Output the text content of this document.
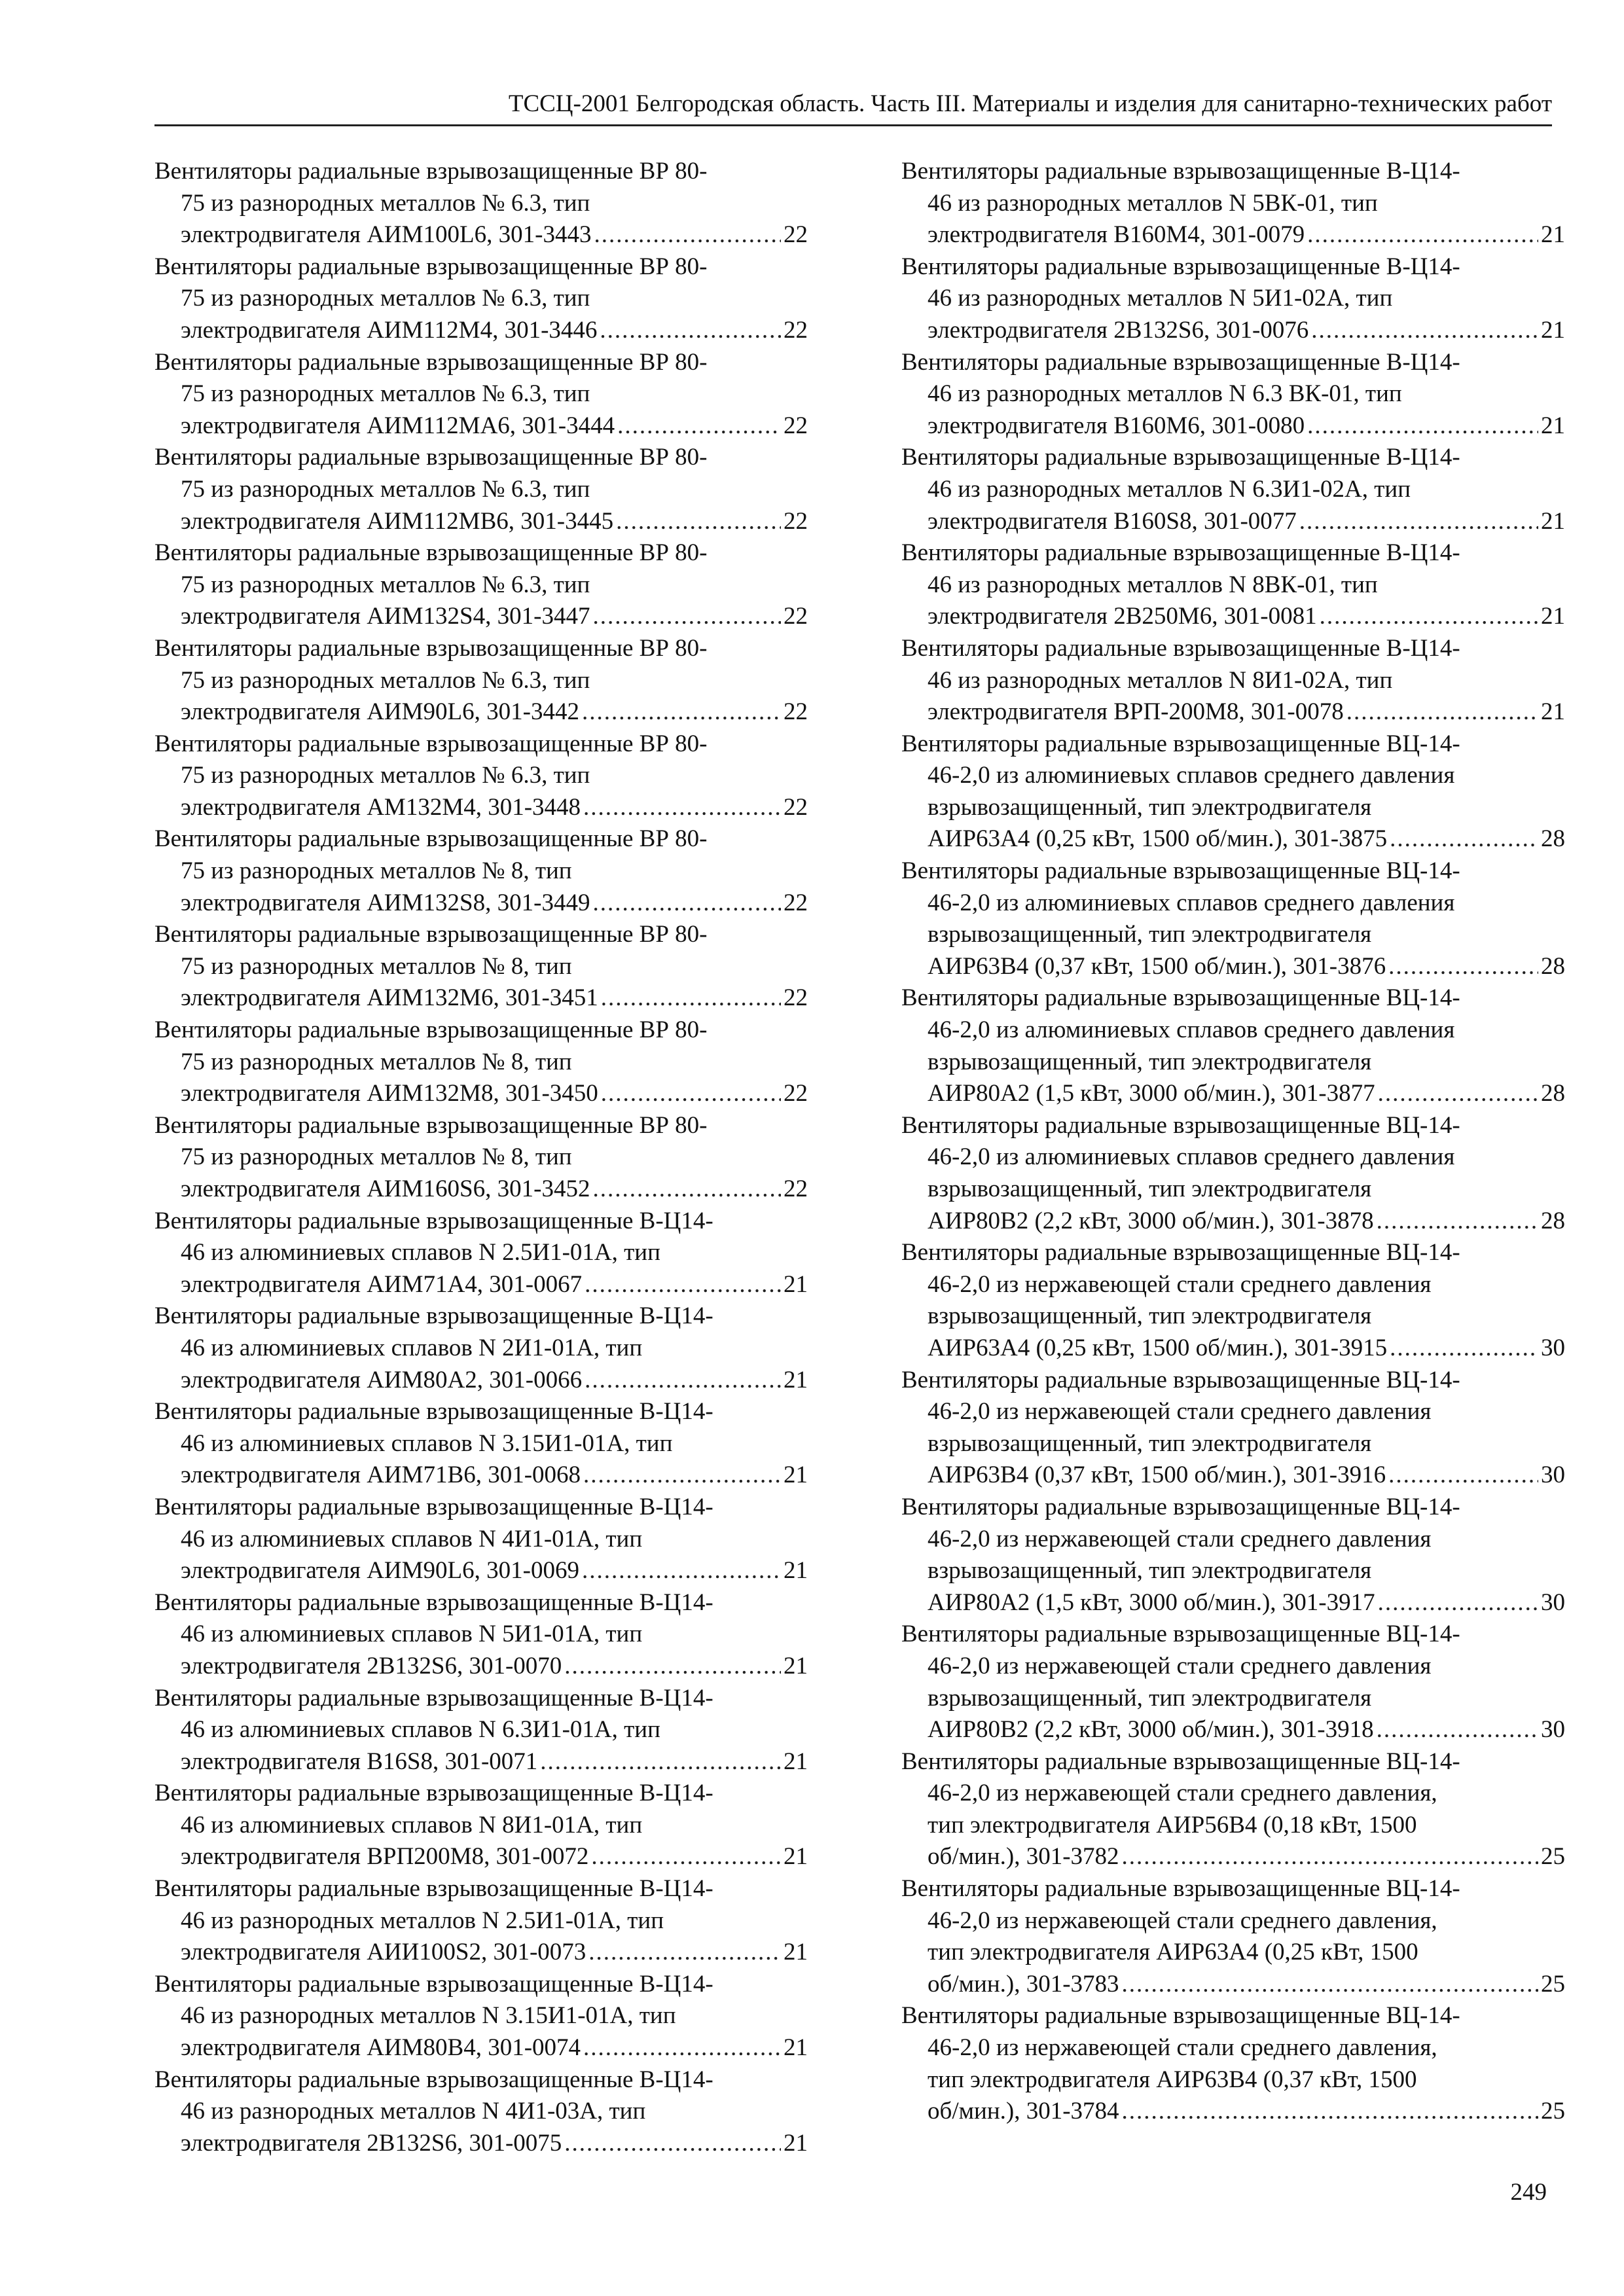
ТССЦ-2001 Белгородская область. Часть III. Материалы и изделия для санитарно-технических работ
Вентиляторы радиальные взрывозащищенные ВР 80-
75 из разнородных металлов № 6.3, тип
электродвигателя АИМ100L6, 301-3443 .....	22
Вентиляторы радиальные взрывозащищенные ВР 80-
75 из разнородных металлов № 6.3, тип
электродвигателя АИМ112М4, 301-3446 .....	22
Вентиляторы радиальные взрывозащищенные ВР 80-
75 из разнородных металлов № 6.3, тип
электродвигателя АИМ112МА6, 301-3444 .....	22
Вентиляторы радиальные взрывозащищенные ВР 80-
75 из разнородных металлов № 6.3, тип
электродвигателя АИМ112МВ6, 301-3445 .....	22
Вентиляторы радиальные взрывозащищенные ВР 80-
75 из разнородных металлов № 6.3, тип
электродвигателя АИМ132S4, 301-3447 .....	22
Вентиляторы радиальные взрывозащищенные ВР 80-
75 из разнородных металлов № 6.3, тип
электродвигателя АИМ90L6, 301-3442 .....	22
Вентиляторы радиальные взрывозащищенные ВР 80-
75 из разнородных металлов № 6.3, тип
электродвигателя АМ132М4, 301-3448 .....	22
Вентиляторы радиальные взрывозащищенные ВР 80-
75 из разнородных металлов № 8, тип
электродвигателя АИМ132S8, 301-3449 .....	22
Вентиляторы радиальные взрывозащищенные ВР 80-
75 из разнородных металлов № 8, тип
электродвигателя АИМ132М6, 301-3451 .....	22
Вентиляторы радиальные взрывозащищенные ВР 80-
75 из разнородных металлов № 8, тип
электродвигателя АИМ132М8, 301-3450 .....	22
Вентиляторы радиальные взрывозащищенные ВР 80-
75 из разнородных металлов № 8, тип
электродвигателя АИМ160S6, 301-3452 .....	22
Вентиляторы радиальные взрывозащищенные В-Ц14-
46 из алюминиевых сплавов N 2.5И1-01А, тип
электродвигателя АИМ71А4, 301-0067 .....	21
Вентиляторы радиальные взрывозащищенные В-Ц14-
46 из алюминиевых сплавов N 2И1-01А, тип
электродвигателя АИМ80А2, 301-0066 .....	21
Вентиляторы радиальные взрывозащищенные В-Ц14-
46 из алюминиевых сплавов N 3.15И1-01А, тип
электродвигателя АИМ71В6, 301-0068 .....	21
Вентиляторы радиальные взрывозащищенные В-Ц14-
46 из алюминиевых сплавов N 4И1-01А, тип
электродвигателя АИМ90L6, 301-0069 .....	21
Вентиляторы радиальные взрывозащищенные В-Ц14-
46 из алюминиевых сплавов N 5И1-01А, тип
электродвигателя 2В132S6, 301-0070 .....	21
Вентиляторы радиальные взрывозащищенные В-Ц14-
46 из алюминиевых сплавов N 6.3И1-01А, тип
электродвигателя В16S8, 301-0071 .....	21
Вентиляторы радиальные взрывозащищенные В-Ц14-
46 из алюминиевых сплавов N 8И1-01А, тип
электродвигателя ВРП200М8, 301-0072 .....	21
Вентиляторы радиальные взрывозащищенные В-Ц14-
46 из разнородных металлов N 2.5И1-01А, тип
электродвигателя АИИ100S2, 301-0073 .....	21
Вентиляторы радиальные взрывозащищенные В-Ц14-
46 из разнородных металлов N 3.15И1-01А, тип
электродвигателя АИМ80В4, 301-0074 .....	21
Вентиляторы радиальные взрывозащищенные В-Ц14-
46 из разнородных металлов N 4И1-03А, тип
электродвигателя 2В132S6, 301-0075 .....	21
Вентиляторы радиальные взрывозащищенные В-Ц14-
46 из разнородных металлов N 5ВК-01, тип
электродвигателя В160М4, 301-0079 .....	21
Вентиляторы радиальные взрывозащищенные В-Ц14-
46 из разнородных металлов N 5И1-02А, тип
электродвигателя 2В132S6, 301-0076 .....	21
Вентиляторы радиальные взрывозащищенные В-Ц14-
46 из разнородных металлов N 6.3 ВК-01, тип
электродвигателя В160М6, 301-0080 .....	21
Вентиляторы радиальные взрывозащищенные В-Ц14-
46 из разнородных металлов N 6.3И1-02А, тип
электродвигателя В160S8, 301-0077 .....	21
Вентиляторы радиальные взрывозащищенные В-Ц14-
46 из разнородных металлов N 8ВК-01, тип
электродвигателя 2В250М6, 301-0081 .....	21
Вентиляторы радиальные взрывозащищенные В-Ц14-
46 из разнородных металлов N 8И1-02А, тип
электродвигателя ВРП-200М8, 301-0078 .....	21
Вентиляторы радиальные взрывозащищенные ВЦ-14-
46-2,0 из алюминиевых сплавов среднего давления
взрывозащищенный, тип электродвигателя
АИР63А4 (0,25 кВт, 1500 об/мин.), 301-3875 .....	28
Вентиляторы радиальные взрывозащищенные ВЦ-14-
46-2,0 из алюминиевых сплавов среднего давления
взрывозащищенный, тип электродвигателя
АИР63В4 (0,37 кВт, 1500 об/мин.), 301-3876 .....	28
Вентиляторы радиальные взрывозащищенные ВЦ-14-
46-2,0 из алюминиевых сплавов среднего давления
взрывозащищенный, тип электродвигателя
АИР80А2 (1,5 кВт, 3000 об/мин.), 301-3877 .....	28
Вентиляторы радиальные взрывозащищенные ВЦ-14-
46-2,0 из алюминиевых сплавов среднего давления
взрывозащищенный, тип электродвигателя
АИР80В2 (2,2 кВт, 3000 об/мин.), 301-3878 .....	28
Вентиляторы радиальные взрывозащищенные ВЦ-14-
46-2,0 из нержавеющей стали среднего давления
взрывозащищенный, тип электродвигателя
АИР63А4 (0,25 кВт, 1500 об/мин.), 301-3915 .....	30
Вентиляторы радиальные взрывозащищенные ВЦ-14-
46-2,0 из нержавеющей стали среднего давления
взрывозащищенный, тип электродвигателя
АИР63В4 (0,37 кВт, 1500 об/мин.), 301-3916 .....	30
Вентиляторы радиальные взрывозащищенные ВЦ-14-
46-2,0 из нержавеющей стали среднего давления
взрывозащищенный, тип электродвигателя
АИР80А2 (1,5 кВт, 3000 об/мин.), 301-3917 .....	30
Вентиляторы радиальные взрывозащищенные ВЦ-14-
46-2,0 из нержавеющей стали среднего давления
взрывозащищенный, тип электродвигателя
АИР80В2 (2,2 кВт, 3000 об/мин.), 301-3918 .....	30
Вентиляторы радиальные взрывозащищенные ВЦ-14-
46-2,0 из нержавеющей стали среднего давления,
тип электродвигателя АИР56В4 (0,18 кВт, 1500
об/мин.), 301-3782 .....	25
Вентиляторы радиальные взрывозащищенные ВЦ-14-
46-2,0 из нержавеющей стали среднего давления,
тип электродвигателя АИР63А4 (0,25 кВт, 1500
об/мин.), 301-3783 .....	25
Вентиляторы радиальные взрывозащищенные ВЦ-14-
46-2,0 из нержавеющей стали среднего давления,
тип электродвигателя АИР63В4 (0,37 кВт, 1500
об/мин.), 301-3784 .....	25
249
